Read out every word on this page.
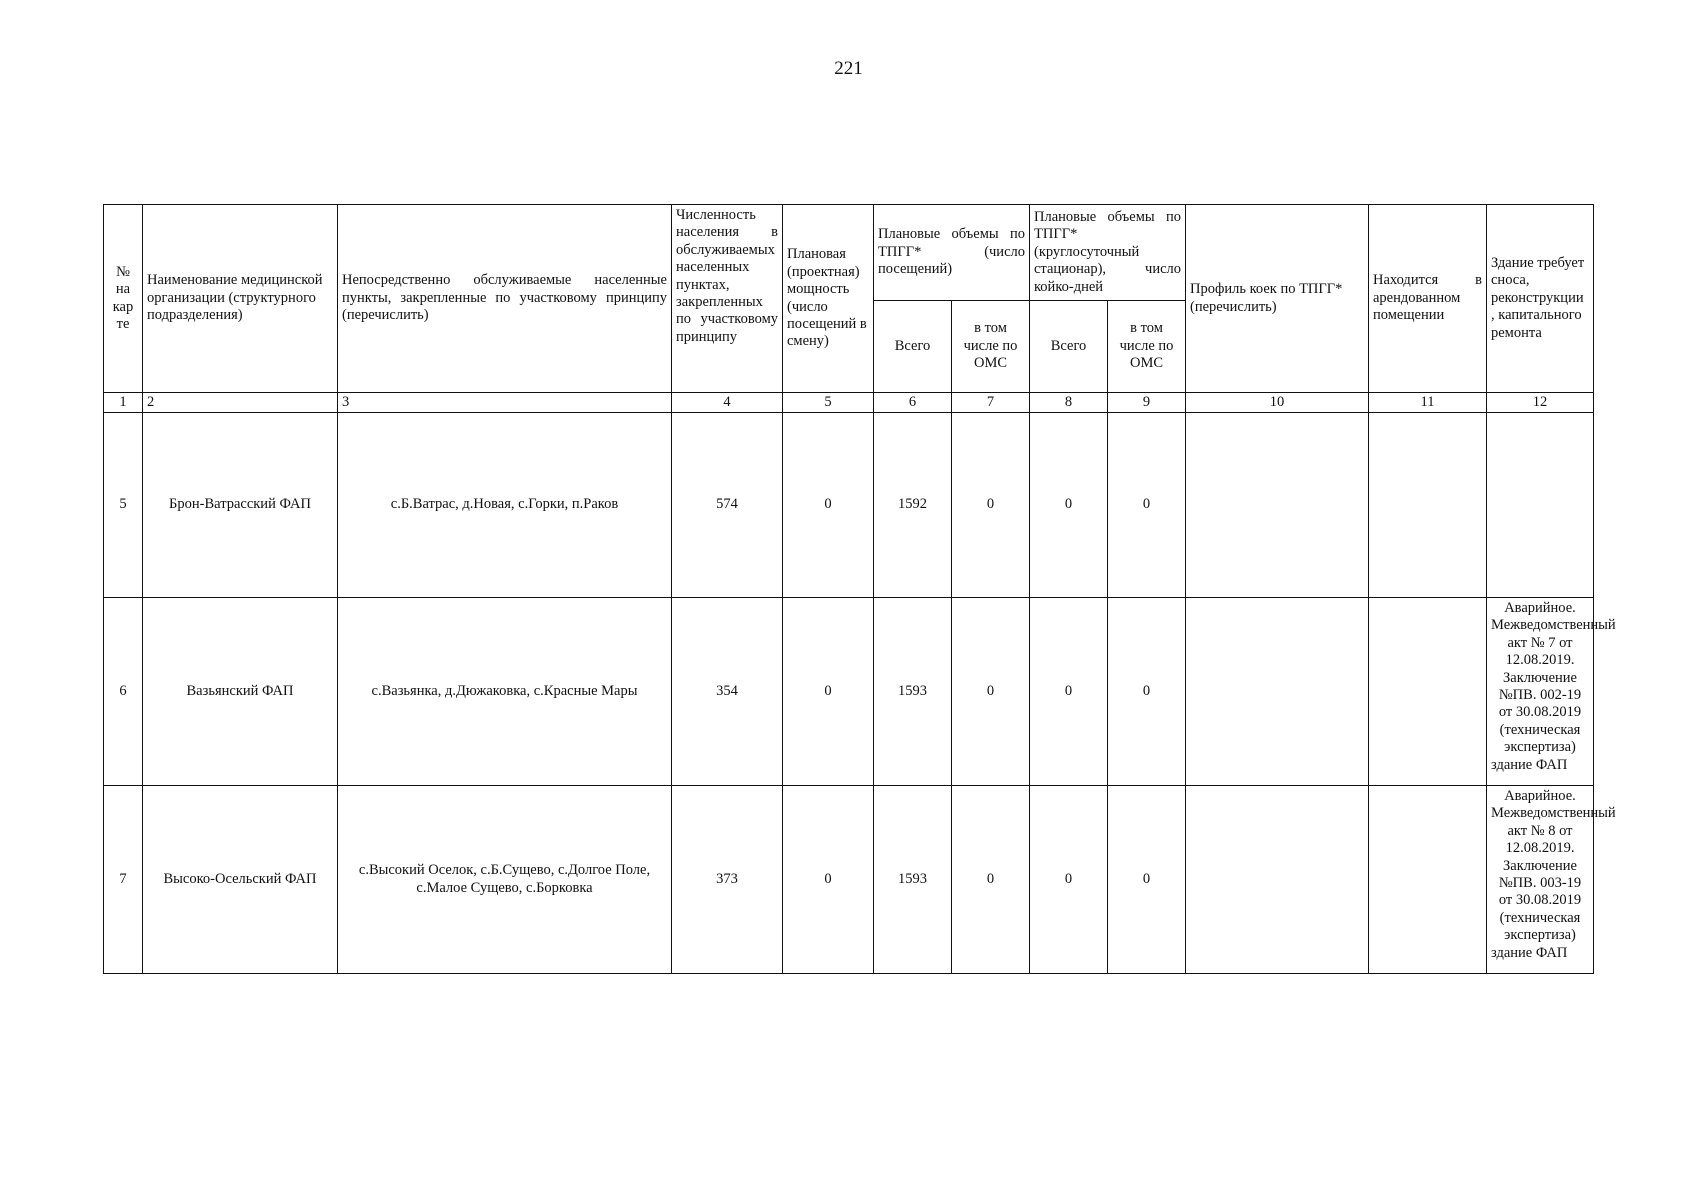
221
№ на кар те	Наименование медицинской организации (структурного подразделения)	Непосредственно обслуживаемые населенные пункты, закрепленные по участковому принципу (перечислить)	Численность населения в обслуживаемых населенных пунктах, закрепленных по участковому принципу	Плановая (проектная) мощность (число посещений в смену)	Плановые объемы по ТПГГ* (число посещений)		Плановые объемы по ТПГГ* (круглосуточный стационар), число койко-дней		Профиль коек по ТПГГ* (перечислить)	Находится в арендованном помещении	Здание требует сноса, реконструкции , капитального ремонта
					Всего	в том числе по ОМС	Всего	в том числе по ОМС			
1	2	3	4	5	6	7	8	9	10	11	12
5	Брон-Ватрасский ФАП	с.Б.Ватрас, д.Новая, с.Горки, п.Раков	574	0	1592	0	0	0			
6	Вазьянский ФАП	с.Вазьянка, д.Дюжаковка, с.Красные Мары	354	0	1593	0	0	0			Аварийное. Межведомственный акт № 7 от 12.08.2019. Заключение №ПВ. 002-19 от 30.08.2019 (техническая экспертиза) здание ФАП
7	Высоко-Осельский ФАП	с.Высокий Оселок, с.Б.Сущево, с.Долгое Поле, с.Малое Сущево, с.Борковка	373	0	1593	0	0	0			Аварийное. Межведомственный акт № 8 от 12.08.2019. Заключение №ПВ. 003-19 от 30.08.2019 (техническая экспертиза) здание ФАП
